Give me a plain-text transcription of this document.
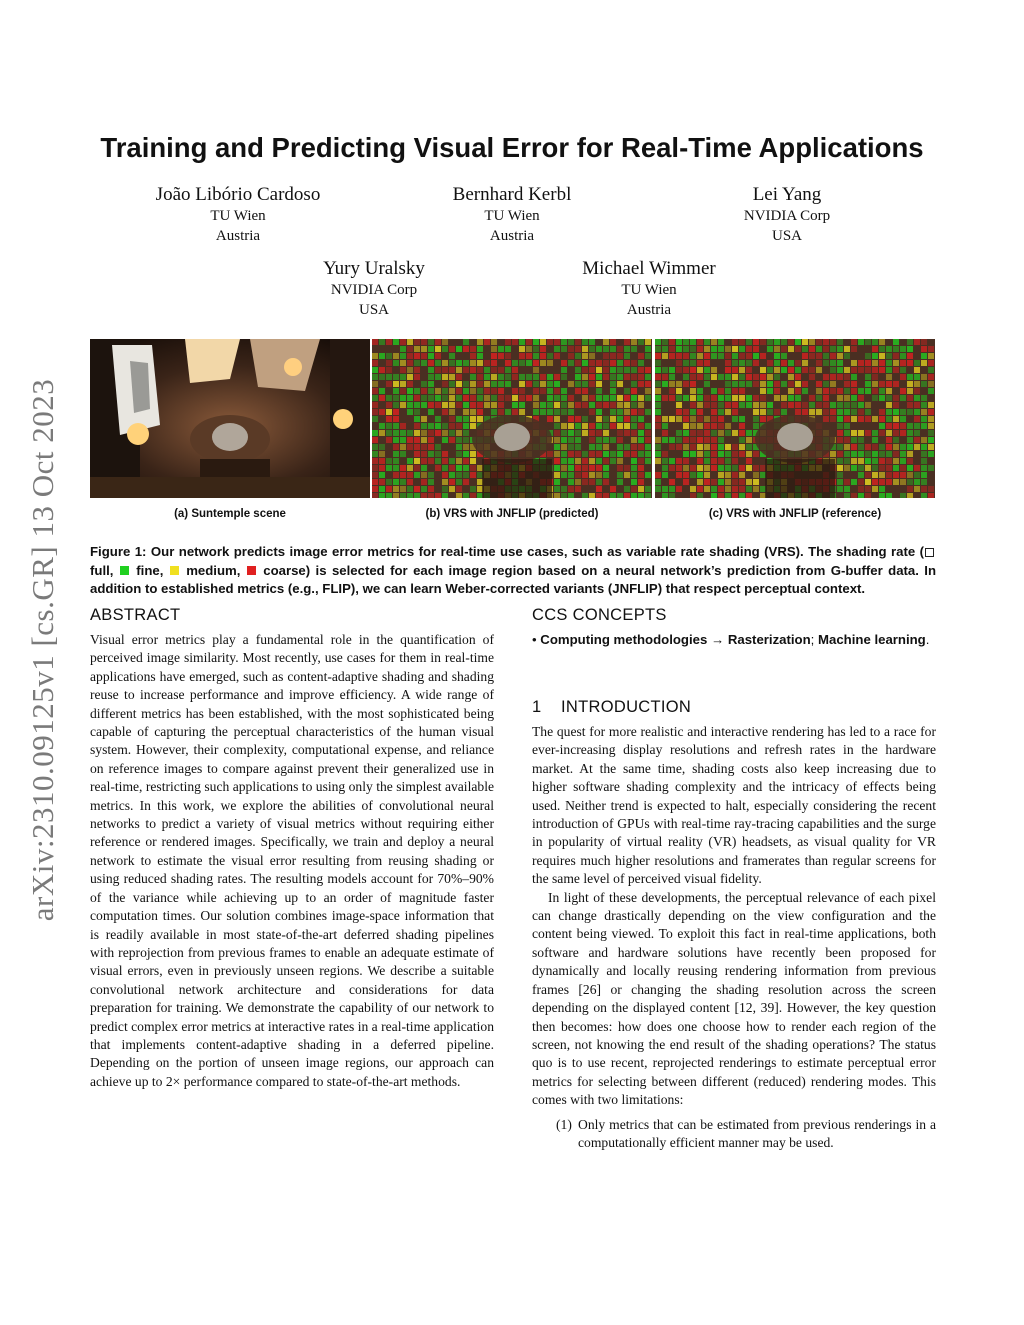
arXiv:2310.09125v1 [cs.GR] 13 Oct 2023
Training and Predicting Visual Error for Real-Time Applications
João Libório Cardoso
TU Wien
Austria
Bernhard Kerbl
TU Wien
Austria
Lei Yang
NVIDIA Corp
USA
Yury Uralsky
NVIDIA Corp
USA
Michael Wimmer
TU Wien
Austria
(a) Suntemple scene	(b) VRS with JNFLIP (predicted)	(c) VRS with JNFLIP (reference)
Figure 1: Our network predicts image error metrics for real-time use cases, such as variable rate shading (VRS). The shading rate ( full, fine, medium, coarse) is selected for each image region based on a neural network’s prediction from G-buffer data. In addition to established metrics (e.g., FLIP), we can learn Weber-corrected variants (JNFLIP) that respect perceptual context.
ABSTRACT

Visual error metrics play a fundamental role in the quantification of perceived image similarity. Most recently, use cases for them in real-time applications have emerged, such as content-adaptive shading and shading reuse to increase performance and improve efficiency. A wide range of different metrics has been established, with the most sophisticated being capable of capturing the perceptual characteristics of the human visual system. However, their complexity, computational expense, and reliance on reference images to compare against prevent their generalized use in real-time, restricting such applications to using only the simplest available metrics. In this work, we explore the abilities of convolutional neural networks to predict a variety of visual metrics without requiring either reference or rendered images. Specifically, we train and deploy a neural network to estimate the visual error resulting from reusing shading or using reduced shading rates. The resulting models account for 70%–90% of the variance while achieving up to an order of magnitude faster computation times. Our solution combines image-space information that is readily available in most state-of-the-art deferred shading pipelines with reprojection from previous frames to enable an adequate estimate of visual errors, even in previously unseen regions. We describe a suitable convolutional network architecture and considerations for data preparation for training. We demonstrate the capability of our network to predict complex error metrics at interactive rates in a real-time application that implements content-adaptive shading in a deferred pipeline. Depending on the portion of unseen image regions, our approach can achieve up to 2× performance compared to state-of-the-art methods.

CCS CONCEPTS
• Computing methodologies → Rasterization; Machine learning.
1 INTRODUCTION

The quest for more realistic and interactive rendering has led to a race for ever-increasing display resolutions and refresh rates in the hardware market. At the same time, shading costs also keep increasing due to higher software shading complexity and the intricacy of effects being used. Neither trend is expected to halt, especially considering the recent introduction of GPUs with real-time ray-tracing capabilities and the surge in popularity of virtual reality (VR) headsets, as visual quality for VR requires much higher resolutions and framerates than regular screens for the same level of perceived visual fidelity.

In light of these developments, the perceptual relevance of each pixel can change drastically depending on the view configuration and the content being viewed. To exploit this fact in real-time applications, both software and hardware solutions have recently been proposed for dynamically and locally reusing rendering information from previous frames [26] or changing the shading resolution across the screen depending on the displayed content [12, 39]. However, the key question then becomes: how does one choose how to render each region of the screen, not knowing the end result of the shading operations? The status quo is to use recent, reprojected renderings to estimate perceptual error metrics for selecting between different (reduced) rendering modes. This comes with two limitations:

(1) Only metrics that can be estimated from previous renderings in a computationally efficient manner may be used.
